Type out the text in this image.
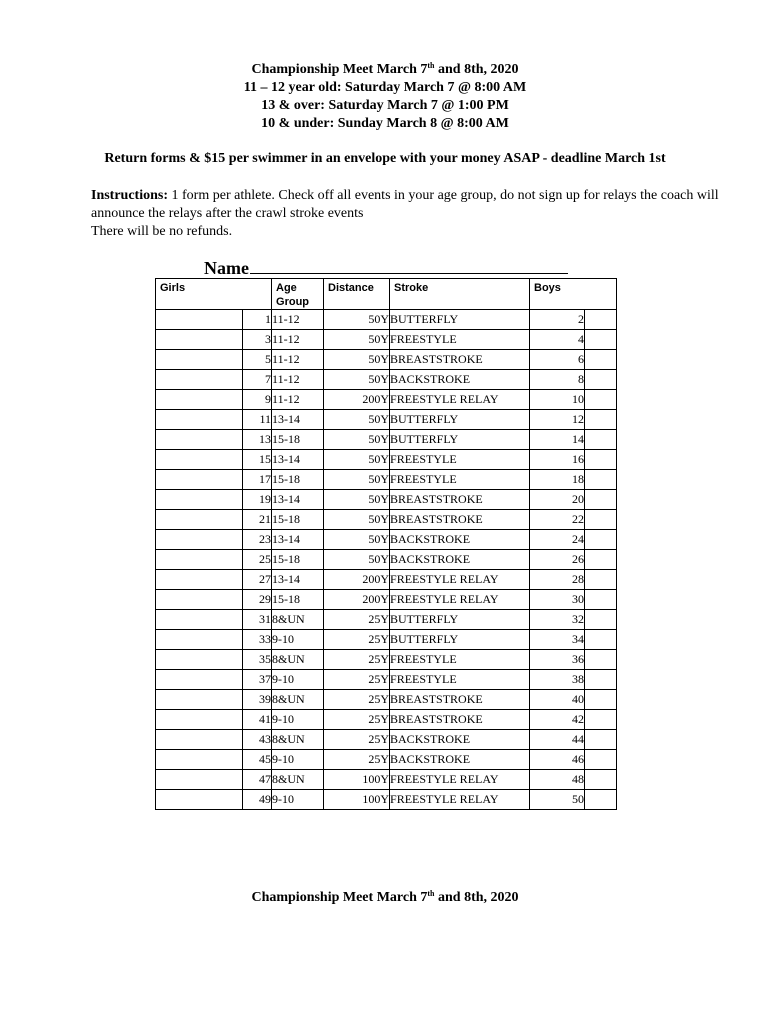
Championship Meet March 7th and 8th, 2020
11 – 12 year old: Saturday March 7 @ 8:00 AM
13 & over: Saturday March 7 @ 1:00 PM
10 & under: Sunday March 8 @ 8:00 AM
Return forms & $15 per swimmer in an envelope with your money ASAP - deadline March 1st
Instructions: 1 form per athlete. Check off all events in your age group, do not sign up for relays the coach will announce the relays after the crawl stroke events
There will be no refunds.
Name
Girls		Age
Group	Distance	Stroke	Boys	
	1	11-12	50Y	BUTTERFLY	2	
	3	11-12	50Y	FREESTYLE	4	
	5	11-12	50Y	BREASTSTROKE	6	
	7	11-12	50Y	BACKSTROKE	8	
	9	11-12	200Y	FREESTYLE RELAY	10	
	11	13-14	50Y	BUTTERFLY	12	
	13	15-18	50Y	BUTTERFLY	14	
	15	13-14	50Y	FREESTYLE	16	
	17	15-18	50Y	FREESTYLE	18	
	19	13-14	50Y	BREASTSTROKE	20	
	21	15-18	50Y	BREASTSTROKE	22	
	23	13-14	50Y	BACKSTROKE	24	
	25	15-18	50Y	BACKSTROKE	26	
	27	13-14	200Y	FREESTYLE RELAY	28	
	29	15-18	200Y	FREESTYLE RELAY	30	
	31	8&UN	25Y	BUTTERFLY	32	
	33	9-10	25Y	BUTTERFLY	34	
	35	8&UN	25Y	FREESTYLE	36	
	37	9-10	25Y	FREESTYLE	38	
	39	8&UN	25Y	BREASTSTROKE	40	
	41	9-10	25Y	BREASTSTROKE	42	
	43	8&UN	25Y	BACKSTROKE	44	
	45	9-10	25Y	BACKSTROKE	46	
	47	8&UN	100Y	FREESTYLE RELAY	48	
	49	9-10	100Y	FREESTYLE RELAY	50	
Championship Meet March 7th and 8th, 2020
